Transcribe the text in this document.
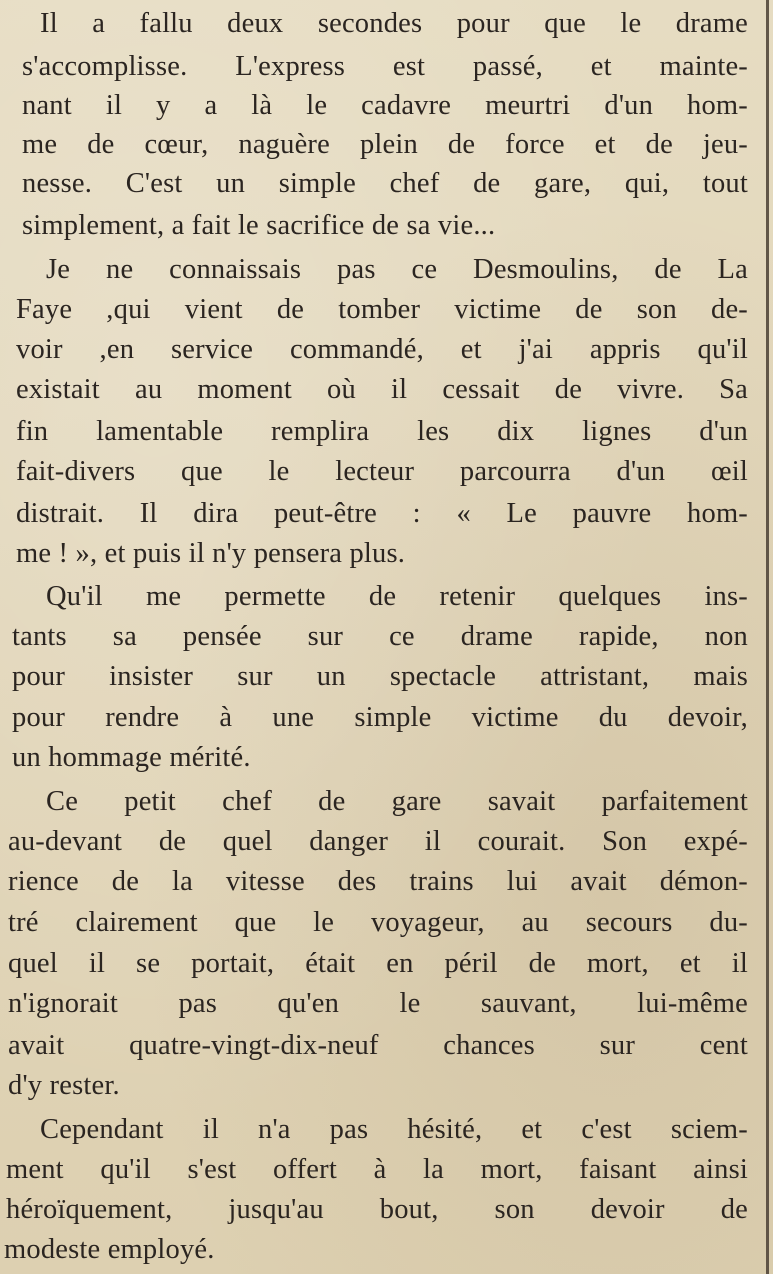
Il a fallu deux secondes pour que le drame
s'accomplisse. L'express est passé, et mainte-
nant il y a là le cadavre meurtri d'un hom-
me de cœur, naguère plein de force et de jeu-
nesse. C'est un simple chef de gare, qui, tout
simplement, a fait le sacrifice de sa vie...
Je ne connaissais pas ce Desmoulins, de La
Faye ,qui vient de tomber victime de son de-
voir ,en service commandé, et j'ai appris qu'il
existait au moment où il cessait de vivre. Sa
fin lamentable remplira les dix lignes d'un
fait-divers que le lecteur parcourra d'un œil
distrait. Il dira peut-être : « Le pauvre hom-
me ! », et puis il n'y pensera plus.
Qu'il me permette de retenir quelques ins-
tants sa pensée sur ce drame rapide, non
pour insister sur un spectacle attristant, mais
pour rendre à une simple victime du devoir,
un hommage mérité.
Ce petit chef de gare savait parfaitement
au-devant de quel danger il courait. Son expé-
rience de la vitesse des trains lui avait démon-
tré clairement que le voyageur, au secours du-
quel il se portait, était en péril de mort, et il
n'ignorait pas qu'en le sauvant, lui-même
avait quatre-vingt-dix-neuf chances sur cent
d'y rester.
Cependant il n'a pas hésité, et c'est sciem-
ment qu'il s'est offert à la mort, faisant ainsi
héroïquement, jusqu'au bout, son devoir de
modeste employé.
